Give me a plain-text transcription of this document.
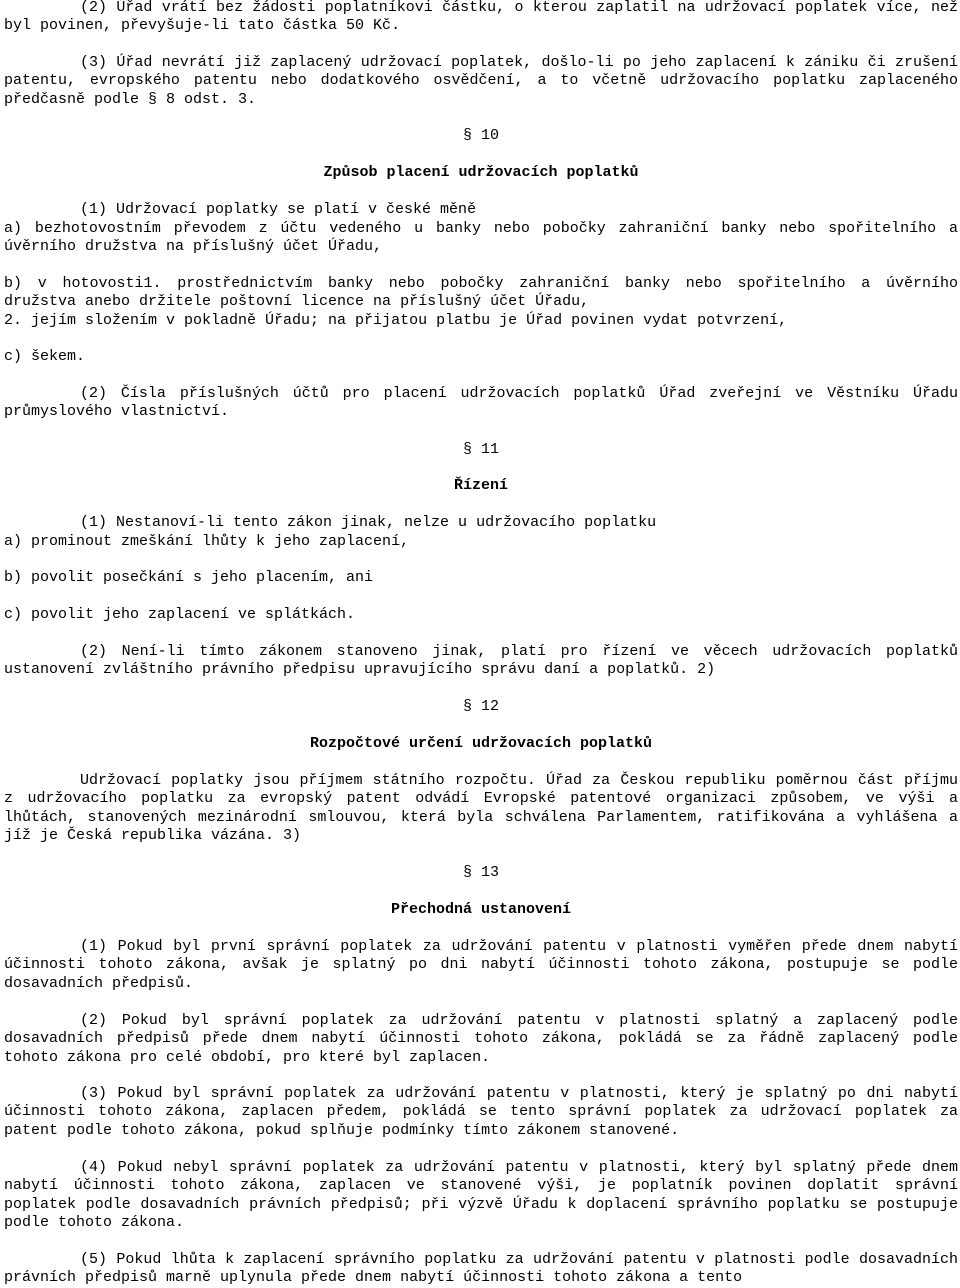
(2) Úřad vrátí bez žádosti poplatníkovi částku, o kterou zaplatil na udržovací poplatek více, než byl povinen, převyšuje-li tato částka 50 Kč.

(3) Úřad nevrátí již zaplacený udržovací poplatek, došlo-li po jeho zaplacení k zániku či zrušení patentu, evropského patentu nebo dodatkového osvědčení, a to včetně udržovacího poplatku zaplaceného předčasně podle § 8 odst. 3.

§ 10

Způsob placení udržovacích poplatků

(1) Udržovací poplatky se platí v české měně

a) bezhotovostním převodem z účtu vedeného u banky nebo pobočky zahraniční banky nebo spořitelního a úvěrního družstva na příslušný účet Úřadu,

b) v hotovosti1. prostřednictvím banky nebo pobočky zahraniční banky nebo spořitelního a úvěrního družstva anebo držitele poštovní licence na příslušný účet Úřadu,

2. jejím složením v pokladně Úřadu; na přijatou platbu je Úřad povinen vydat potvrzení,

c) šekem.

(2) Čísla příslušných účtů pro placení udržovacích poplatků Úřad zveřejní ve Věstníku Úřadu průmyslového vlastnictví.

§ 11

Řízení

(1) Nestanoví-li tento zákon jinak, nelze u udržovacího poplatku

a) prominout zmeškání lhůty k jeho zaplacení,

b) povolit posečkání s jeho placením, ani

c) povolit jeho zaplacení ve splátkách.

(2) Není-li tímto zákonem stanoveno jinak, platí pro řízení ve věcech udržovacích poplatků ustanovení zvláštního právního předpisu upravujícího správu daní a poplatků. 2)

§ 12

Rozpočtové určení udržovacích poplatků

Udržovací poplatky jsou příjmem státního rozpočtu. Úřad za Českou republiku poměrnou část příjmu z udržovacího poplatku za evropský patent odvádí Evropské patentové organizaci způsobem, ve výši a lhůtách, stanovených mezinárodní smlouvou, která byla schválena Parlamentem, ratifikována a vyhlášena a jíž je Česká republika vázána. 3)

§ 13

Přechodná ustanovení

(1) Pokud byl první správní poplatek za udržování patentu v platnosti vyměřen přede dnem nabytí účinnosti tohoto zákona, avšak je splatný po dni nabytí účinnosti tohoto zákona, postupuje se podle dosavadních předpisů.

(2) Pokud byl správní poplatek za udržování patentu v platnosti splatný a zaplacený podle dosavadních předpisů přede dnem nabytí účinnosti tohoto zákona, pokládá se za řádně zaplacený podle tohoto zákona pro celé období, pro které byl zaplacen.

(3) Pokud byl správní poplatek za udržování patentu v platnosti, který je splatný po dni nabytí účinnosti tohoto zákona, zaplacen předem, pokládá se tento správní poplatek za udržovací poplatek za patent podle tohoto zákona, pokud splňuje podmínky tímto zákonem stanovené.

(4) Pokud nebyl správní poplatek za udržování patentu v platnosti, který byl splatný přede dnem nabytí účinnosti tohoto zákona, zaplacen ve stanovené výši, je poplatník povinen doplatit správní poplatek podle dosavadních právních předpisů; při výzvě Úřadu k doplacení správního poplatku se postupuje podle tohoto zákona.

(5) Pokud lhůta k zaplacení správního poplatku za udržování patentu v platnosti podle dosavadních právních předpisů marně uplynula přede dnem nabytí účinnosti tohoto zákona a tento
